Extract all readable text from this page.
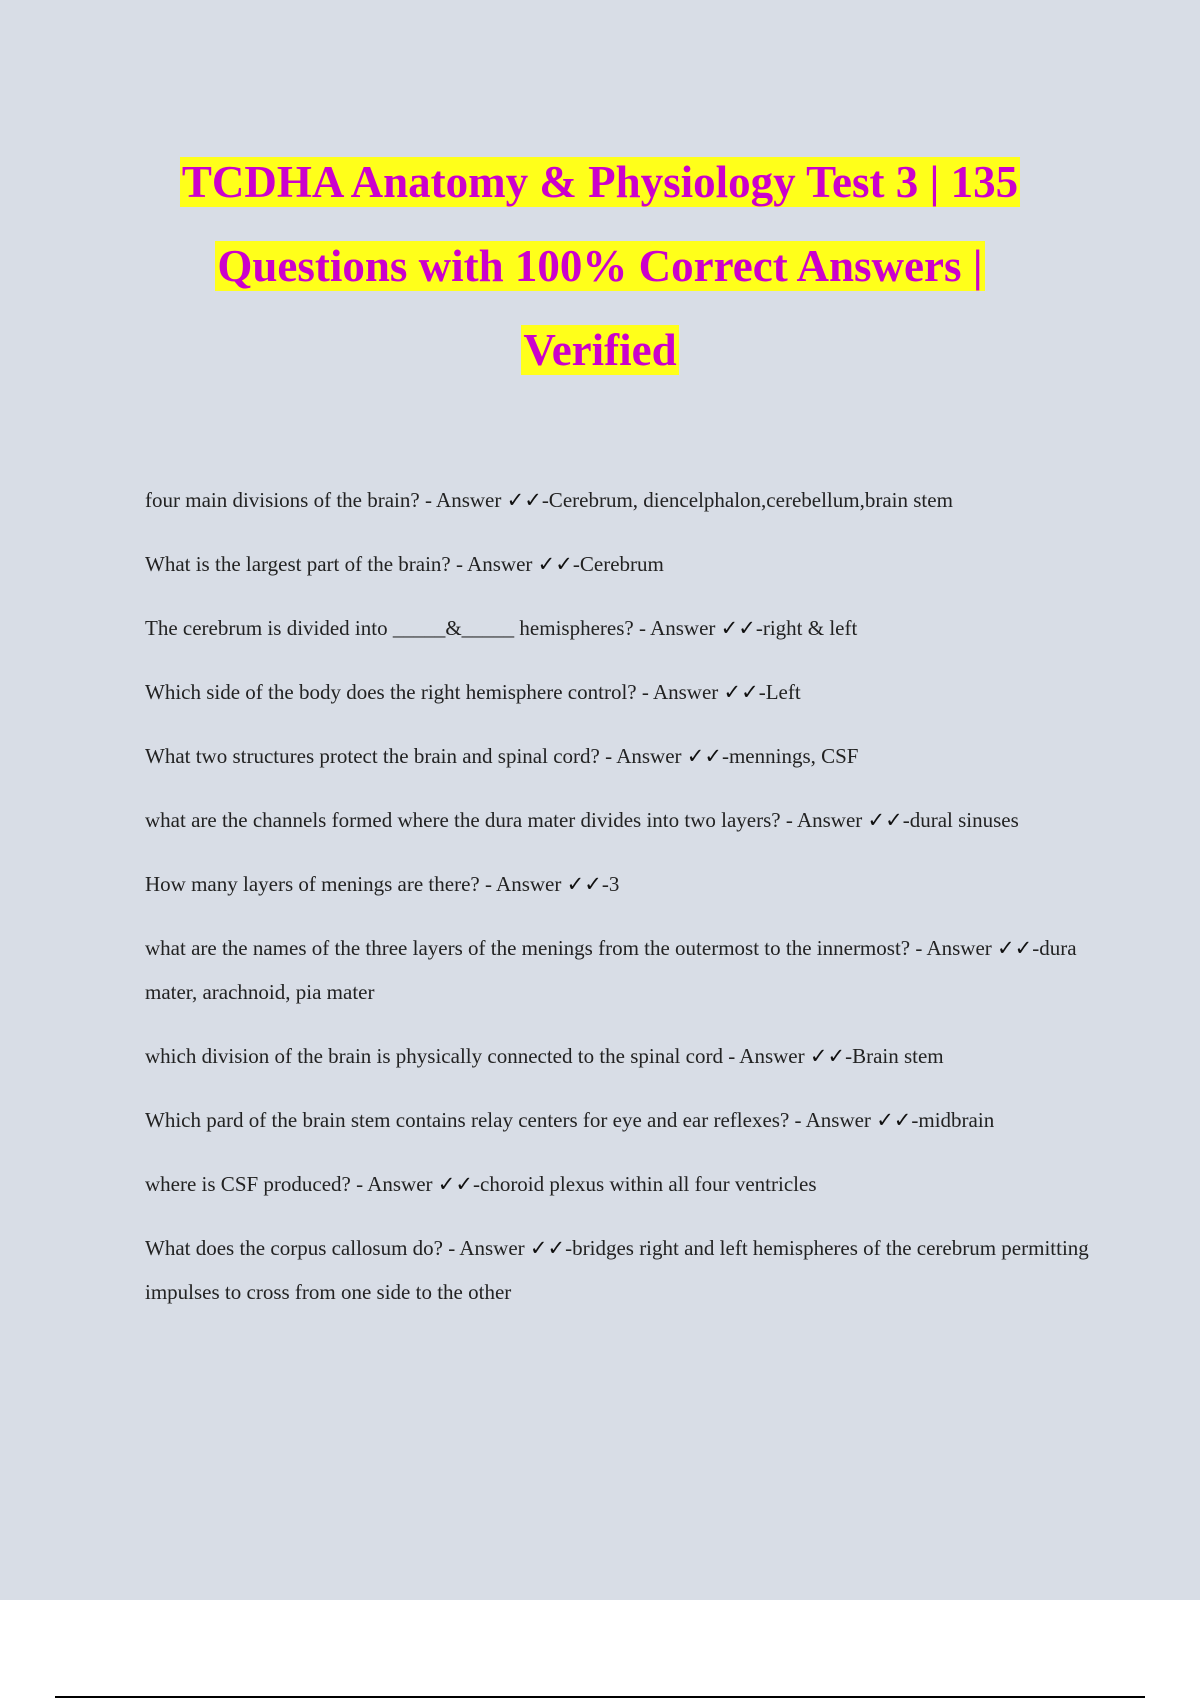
TCDHA Anatomy & Physiology Test 3 | 135
Questions with 100% Correct Answers |
Verified

four main divisions of the brain? - Answer ✓✓-Cerebrum, diencelphalon,cerebellum,brain stem

What is the largest part of the brain? - Answer ✓✓-Cerebrum

The cerebrum is divided into _____&_____ hemispheres? - Answer ✓✓-right & left

Which side of the body does the right hemisphere control? - Answer ✓✓-Left

What two structures protect the brain and spinal cord? - Answer ✓✓-mennings, CSF

what are the channels formed where the dura mater divides into two layers? - Answer ✓✓-dural sinuses

How many layers of menings are there? - Answer ✓✓-3

what are the names of the three layers of the menings from the outermost to the innermost? - Answer ✓✓-dura mater, arachnoid, pia mater

which division of the brain is physically connected to the spinal cord - Answer ✓✓-Brain stem

Which pard of the brain stem contains relay centers for eye and ear reflexes? - Answer ✓✓-midbrain

where is CSF produced? - Answer ✓✓-choroid plexus within all four ventricles

What does the corpus callosum do? - Answer ✓✓-bridges right and left hemispheres of the cerebrum permitting impulses to cross from one side to the other
